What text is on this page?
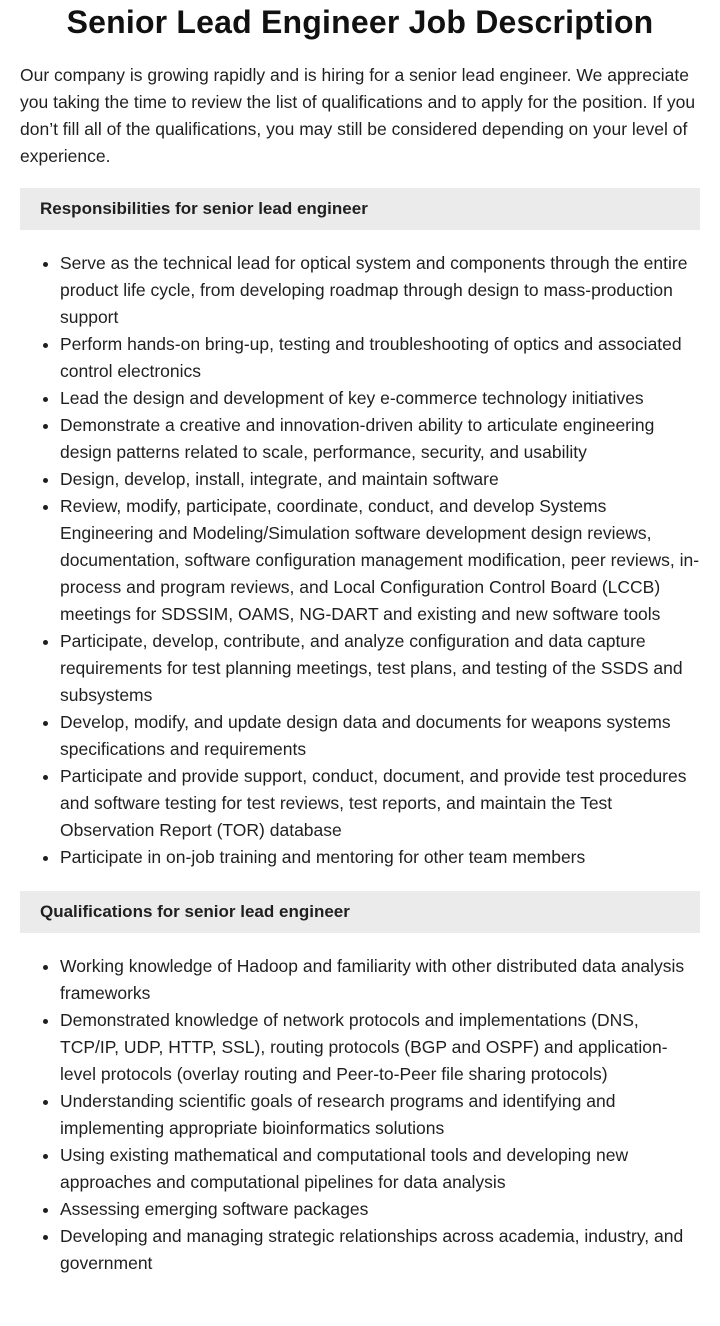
Senior Lead Engineer Job Description

Our company is growing rapidly and is hiring for a senior lead engineer. We appreciate you taking the time to review the list of qualifications and to apply for the position. If you don’t fill all of the qualifications, you may still be considered depending on your level of experience.

Responsibilities for senior lead engineer
• Serve as the technical lead for optical system and components through the entire product life cycle, from developing roadmap through design to mass-production support
• Perform hands-on bring-up, testing and troubleshooting of optics and associated control electronics
• Lead the design and development of key e-commerce technology initiatives
• Demonstrate a creative and innovation-driven ability to articulate engineering design patterns related to scale, performance, security, and usability
• Design, develop, install, integrate, and maintain software
• Review, modify, participate, coordinate, conduct, and develop Systems Engineering and Modeling/Simulation software development design reviews, documentation, software configuration management modification, peer reviews, in-process and program reviews, and Local Configuration Control Board (LCCB) meetings for SDSSIM, OAMS, NG-DART and existing and new software tools
• Participate, develop, contribute, and analyze configuration and data capture requirements for test planning meetings, test plans, and testing of the SSDS and subsystems
• Develop, modify, and update design data and documents for weapons systems specifications and requirements
• Participate and provide support, conduct, document, and provide test procedures and software testing for test reviews, test reports, and maintain the Test Observation Report (TOR) database
• Participate in on-job training and mentoring for other team members
Qualifications for senior lead engineer
• Working knowledge of Hadoop and familiarity with other distributed data analysis frameworks
• Demonstrated knowledge of network protocols and implementations (DNS, TCP/IP, UDP, HTTP, SSL), routing protocols (BGP and OSPF) and application-level protocols (overlay routing and Peer-to-Peer file sharing protocols)
• Understanding scientific goals of research programs and identifying and implementing appropriate bioinformatics solutions
• Using existing mathematical and computational tools and developing new approaches and computational pipelines for data analysis
• Assessing emerging software packages
• Developing and managing strategic relationships across academia, industry, and government
